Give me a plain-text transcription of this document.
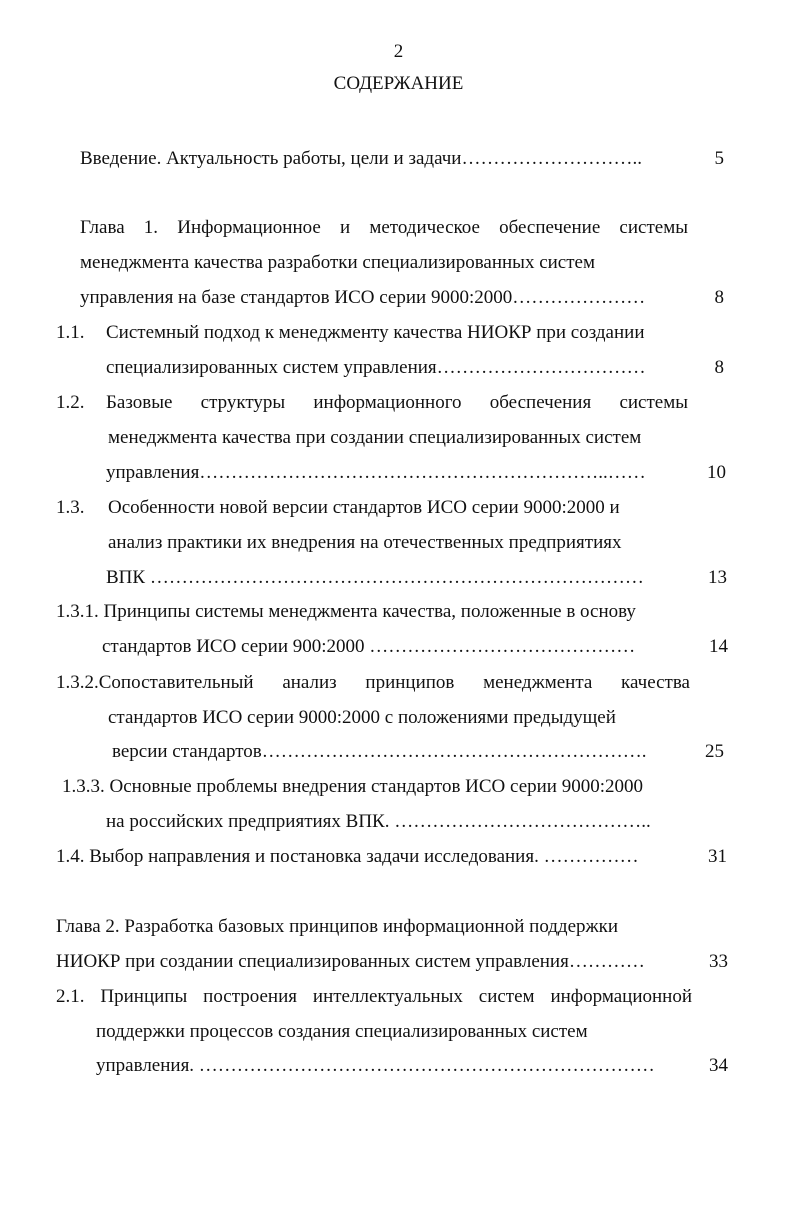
2
СОДЕРЖАНИЕ
Введение. Актуальность работы, цели и задачи………………………..	5
Глава 1. Информационное и методическое обеспечение системы
менеджмента качества разработки специализированных систем
управления на базе стандартов ИСО серии 9000:2000…………………	8
1.1. Системный подход к менеджменту качества НИОКР при создании
специализированных систем управления……………………………	8
1.2. Базовые структуры информационного обеспечения системы
менеджмента качества при создании специализированных систем
управления………………………………………………………..……	10
1.3. Особенности новой версии стандартов ИСО серии 9000:2000 и
анализ практики их внедрения на отечественных предприятиях
ВПК ……………………………………………………………………	13
1.3.1. Принципы системы менеджмента качества, положенные в основу
стандартов ИСО серии 900:2000 ……………………………………	14
1.3.2.Сопоставительный анализ принципов менеджмента качества
стандартов ИСО серии 9000:2000 с положениями предыдущей
версии стандартов…………………………………………………….	25
1.3.3. Основные проблемы внедрения стандартов ИСО серии 9000:2000
на российских предприятиях ВПК. …………………………………..
1.4. Выбор направления и постановка задачи исследования. ……………	31
Глава 2. Разработка базовых принципов информационной поддержки
НИОКР при создании специализированных систем управления…………	33
2.1. Принципы построения интеллектуальных систем информационной
поддержки процессов создания специализированных систем
управления. ………………………………………………………………	34
